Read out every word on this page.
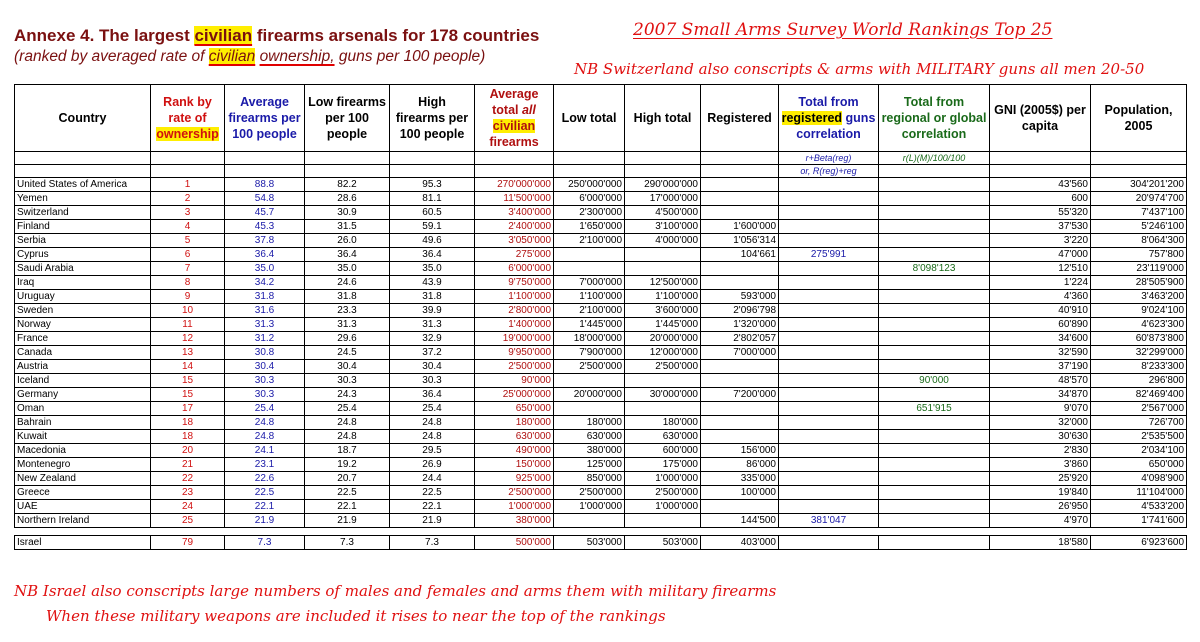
Annexe 4. The largest civilian firearms arsenals for 178 countries
(ranked by averaged rate of civilian ownership, guns per 100 people)
2007 Small Arms Survey World Rankings Top 25
NB Switzerland also conscripts & arms with MILITARY guns all men 20-50
Country	Rank by rate of ownership	Average firearms per 100 people	Low firearms per 100 people	High firearms per 100 people	Average total all civilian firearms	Low total	High total	Registered	Total from registered guns correlation	Total from regional or global correlation	GNI (2005$) per capita	Population, 2005
									r+Beta(reg)	r(L)(M)/100/100		
									or, R(reg)+reg			
United States of America	1	88.8	82.2	95.3	270'000'000	250'000'000	290'000'000				43'560	304'201'200
Yemen	2	54.8	28.6	81.1	11'500'000	6'000'000	17'000'000				600	20'974'700
Switzerland	3	45.7	30.9	60.5	3'400'000	2'300'000	4'500'000				55'320	7'437'100
Finland	4	45.3	31.5	59.1	2'400'000	1'650'000	3'100'000	1'600'000			37'530	5'246'100
Serbia	5	37.8	26.0	49.6	3'050'000	2'100'000	4'000'000	1'056'314			3'220	8'064'300
Cyprus	6	36.4	36.4	36.4	275'000			104'661	275'991		47'000	757'800
Saudi Arabia	7	35.0	35.0	35.0	6'000'000					8'098'123	12'510	23'119'000
Iraq	8	34.2	24.6	43.9	9'750'000	7'000'000	12'500'000				1'224	28'505'900
Uruguay	9	31.8	31.8	31.8	1'100'000	1'100'000	1'100'000	593'000			4'360	3'463'200
Sweden	10	31.6	23.3	39.9	2'800'000	2'100'000	3'600'000	2'096'798			40'910	9'024'100
Norway	11	31.3	31.3	31.3	1'400'000	1'445'000	1'445'000	1'320'000			60'890	4'623'300
France	12	31.2	29.6	32.9	19'000'000	18'000'000	20'000'000	2'802'057			34'600	60'873'800
Canada	13	30.8	24.5	37.2	9'950'000	7'900'000	12'000'000	7'000'000			32'590	32'299'000
Austria	14	30.4	30.4	30.4	2'500'000	2'500'000	2'500'000				37'190	8'233'300
Iceland	15	30.3	30.3	30.3	90'000					90'000	48'570	296'800
Germany	15	30.3	24.3	36.4	25'000'000	20'000'000	30'000'000	7'200'000			34'870	82'469'400
Oman	17	25.4	25.4	25.4	650'000					651'915	9'070	2'567'000
Bahrain	18	24.8	24.8	24.8	180'000	180'000	180'000				32'000	726'700
Kuwait	18	24.8	24.8	24.8	630'000	630'000	630'000				30'630	2'535'500
Macedonia	20	24.1	18.7	29.5	490'000	380'000	600'000	156'000			2'830	2'034'100
Montenegro	21	23.1	19.2	26.9	150'000	125'000	175'000	86'000			3'860	650'000
New Zealand	22	22.6	20.7	24.4	925'000	850'000	1'000'000	335'000			25'920	4'098'900
Greece	23	22.5	22.5	22.5	2'500'000	2'500'000	2'500'000	100'000			19'840	11'104'000
UAE	24	22.1	22.1	22.1	1'000'000	1'000'000	1'000'000				26'950	4'533'200
Northern Ireland	25	21.9	21.9	21.9	380'000			144'500	381'047		4'970	1'741'600

Israel	79	7.3	7.3	7.3	500'000	503'000	503'000	403'000			18'580	6'923'600
NB Israel also conscripts large numbers of males and females and arms them with military firearms
When these military weapons are included it rises to near the top of the rankings
